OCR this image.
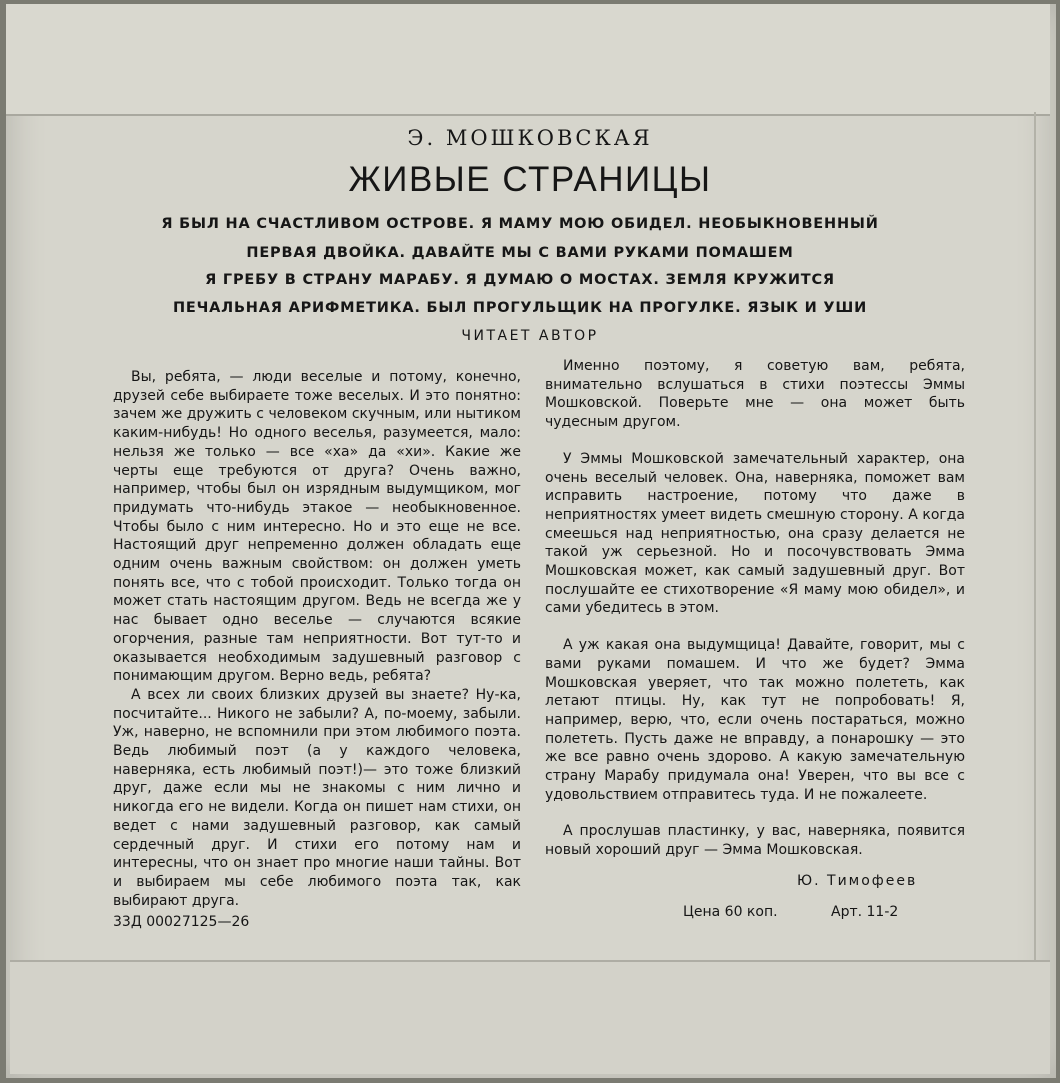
Э. МОШКОВСКАЯ
ЖИВЫЕ СТРАНИЦЫ
Я БЫЛ НА СЧАСТЛИВОМ ОСТРОВЕ. Я МАМУ МОЮ ОБИДЕЛ. НЕОБЫКНОВЕННЫЙ
ПЕРВАЯ ДВОЙКА. ДАВАЙТЕ МЫ С ВАМИ РУКАМИ ПОМАШЕМ
Я ГРЕБУ В СТРАНУ МАРАБУ. Я ДУМАЮ О МОСТАХ. ЗЕМЛЯ КРУЖИТСЯ
ПЕЧАЛЬНАЯ АРИФМЕТИКА. БЫЛ ПРОГУЛЬЩИК НА ПРОГУЛКЕ. ЯЗЫК И УШИ
ЧИТАЕТ АВТОР

Вы, ребята, — люди веселые и потому, конечно, друзей себе выбираете тоже веселых. И это понятно: зачем же дружить с человеком скучным, или нытиком каким-нибудь! Но одного веселья, разумеется, мало: нельзя же только — все «ха» да «хи». Какие же черты еще требуются от друга? Очень важно, например, чтобы был он изрядным выдумщиком, мог придумать что-нибудь этакое — необыкновенное. Чтобы было с ним интересно. Но и это еще не все. Настоящий друг непременно должен обладать еще одним очень важным свойством: он должен уметь понять все, что с тобой происходит. Только тогда он может стать настоящим другом. Ведь не всегда же у нас бывает одно веселье — случаются всякие огорчения, разные там неприятности. Вот тут-то и оказывается необходимым задушевный разговор с понимающим другом. Верно ведь, ребята?

А всех ли своих близких друзей вы знаете? Ну-ка, посчитайте... Никого не забыли? А, по-моему, забыли. Уж, наверно, не вспомнили при этом любимого поэта. Ведь любимый поэт (а у каждого человека, наверняка, есть любимый поэт!)— это тоже близкий друг, даже если мы не знакомы с ним лично и никогда его не видели. Когда он пишет нам стихи, он ведет с нами задушевный разговор, как самый сердечный друг. И стихи его потому нам и интересны, что он знает про многие наши тайны. Вот и выбираем мы себе любимого поэта так, как выбирают друга.

Именно поэтому, я советую вам, ребята, внимательно вслушаться в стихи поэтессы Эммы Мошковской. Поверьте мне — она может быть чудесным другом.

У Эммы Мошковской замечательный характер, она очень веселый человек. Она, наверняка, поможет вам исправить настроение, потому что даже в неприятностях умеет видеть смешную сторону. А когда смеешься над неприятностью, она сразу делается не такой уж серьезной. Но и посочувствовать Эмма Мошковская может, как самый задушевный друг. Вот послушайте ее стихотворение «Я маму мою обидел», и сами убедитесь в этом.

А уж какая она выдумщица! Давайте, говорит, мы с вами руками помашем. И что же будет? Эмма Мошковская уверяет, что так можно полететь, как летают птицы. Ну, как тут не попробовать! Я, например, верю, что, если очень постараться, можно полететь. Пусть даже не вправду, а понарошку — это же все равно очень здорово. А какую замечательную страну Марабу придумала она! Уверен, что вы все с удовольствием отправитесь туда. И не пожалеете.

А прослушав пластинку, у вас, наверняка, появится новый хороший друг — Эмма Мошковская.

Ю. Тимофеев
33Д 00027125—26
Цена 60 коп.	Арт. 11-2
